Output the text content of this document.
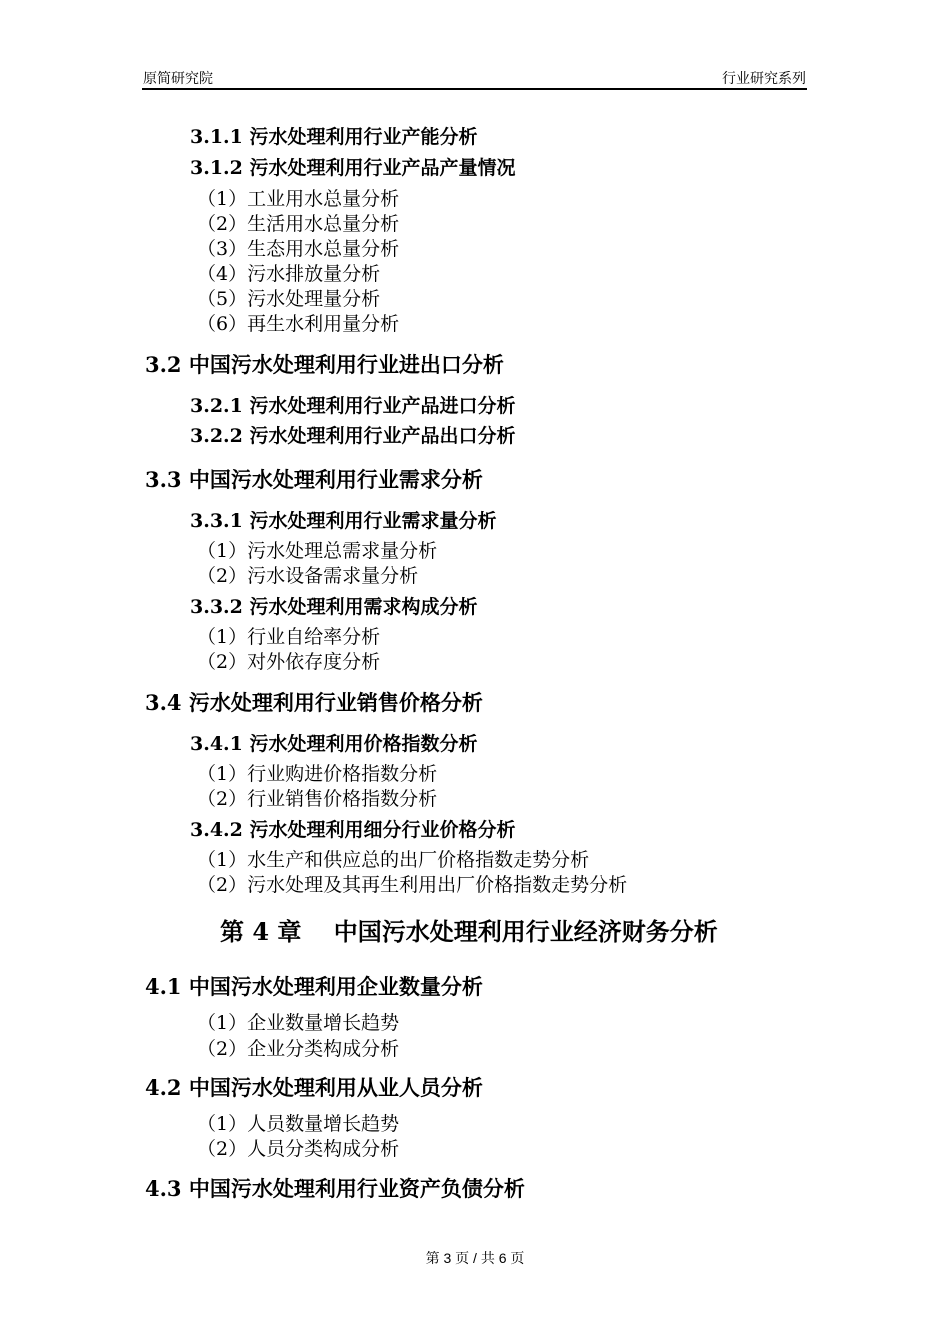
原简研究院	行业研究系列
3.1.1 污水处理利用行业产能分析
3.1.2 污水处理利用行业产品产量情况
（1）工业用水总量分析
（2）生活用水总量分析
（3）生态用水总量分析
（4）污水排放量分析
（5）污水处理量分析
（6）再生水利用量分析
3.2 中国污水处理利用行业进出口分析
3.2.1 污水处理利用行业产品进口分析
3.2.2 污水处理利用行业产品出口分析
3.3 中国污水处理利用行业需求分析
3.3.1 污水处理利用行业需求量分析
（1）污水处理总需求量分析
（2）污水设备需求量分析
3.3.2 污水处理利用需求构成分析
（1）行业自给率分析
（2）对外依存度分析
3.4 污水处理利用行业销售价格分析
3.4.1 污水处理利用价格指数分析
（1）行业购进价格指数分析
（2）行业销售价格指数分析
3.4.2 污水处理利用细分行业价格分析
（1）水生产和供应总的出厂价格指数走势分析
（2）污水处理及其再生利用出厂价格指数走势分析
第 4 章　 中国污水处理利用行业经济财务分析
4.1 中国污水处理利用企业数量分析
（1）企业数量增长趋势
（2）企业分类构成分析
4.2 中国污水处理利用从业人员分析
（1）人员数量增长趋势
（2）人员分类构成分析
4.3 中国污水处理利用行业资产负债分析
第 3 页 / 共 6 页
